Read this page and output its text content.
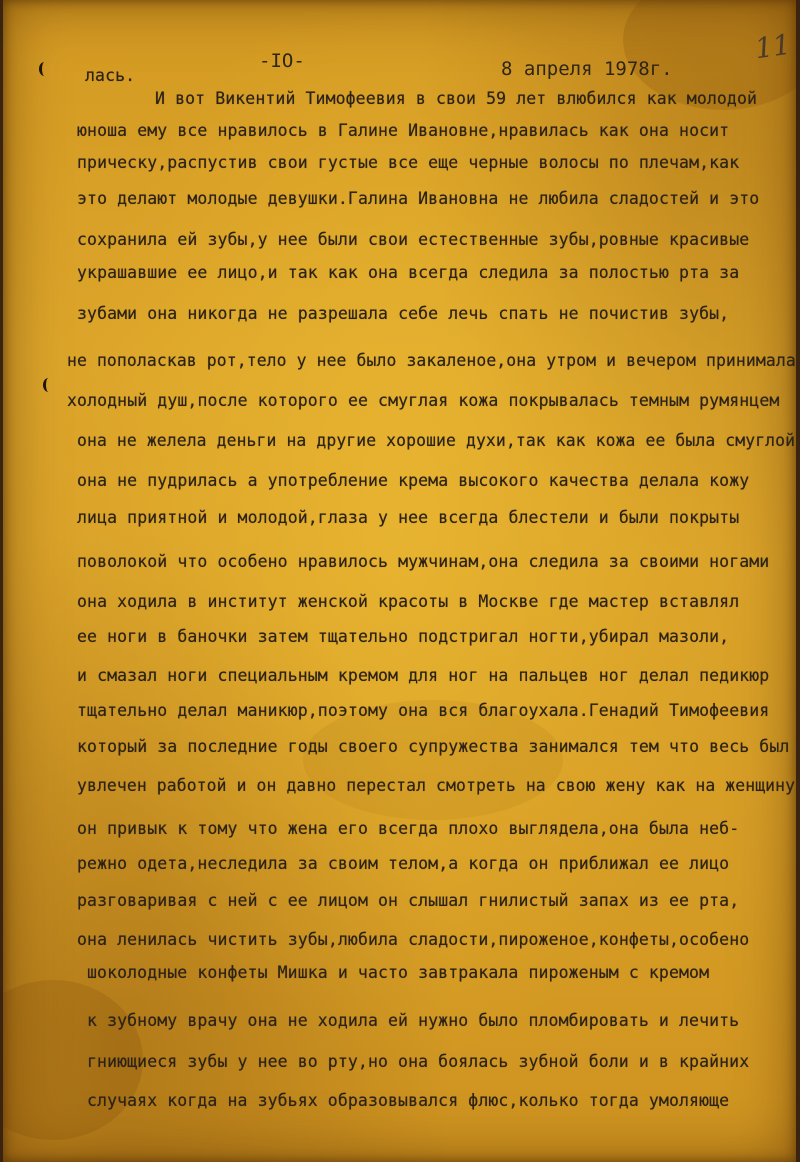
-IO-	8 апреля 1978г.
11
лась.
И вот Викентий Тимофеевия в свои 59 лет влюбился как молодой
юноша ему все нравилось в Галине Ивановне,нравилась как она носит
прическу,распустив свои густые все еще черные волосы по плечам,как
это делают молодые девушки.Галина Ивановна не любила сладостей и это
сохранила ей зубы,у нее были свои естественные зубы,ровные красивые
украшавшие ее лицо,и так как она всегда следила за полостью рта за
зубами она никогда не разрешала себе лечь спать не почистив зубы,
не пополаскав рот,тело у нее было закаленое,она утром и вечером принимала
холодный душ,после которого ее смуглая кожа покрывалась темным румянцем
она не желела деньги на другие хорошие духи,так как кожа ее была смуглой
она не пудрилась а употребление крема высокого качества делала кожу
лица приятной и молодой,глаза у нее всегда блестели и были покрыты
поволокой что особено нравилось мужчинам,она следила за своими ногами
она ходила в институт женской красоты в Москве где мастер вставлял
ее ноги в баночки затем тщательно подстригал ногти,убирал мазоли,
и смазал ноги специальным кремом для ног на пальцев ног делал педикюр
тщательно делал маникюр,поэтому она вся благоухала.Генадий Тимофеевия
который за последние годы своего супружества занимался тем что весь был
увлечен работой и он давно перестал смотреть на свою жену как на женщину
он привык к тому что жена его всегда плохо выглядела,она была неб-
режно одета,неследила за своим телом,а когда он приближал ее лицо
разговаривая с ней с ее лицом он слышал гнилистый запах из ее рта,
она ленилась чистить зубы,любила сладости,пироженое,конфеты,особено
шоколодные конфеты Мишка и часто завтракала пироженым с кремом
к зубному врачу она не ходила ей нужно было пломбировать и лечить
гниющиеся зубы у нее во рту,но она боялась зубной боли и в крайних
случаях когда на зубьях образовывался флюс,колько тогда умоляюще
